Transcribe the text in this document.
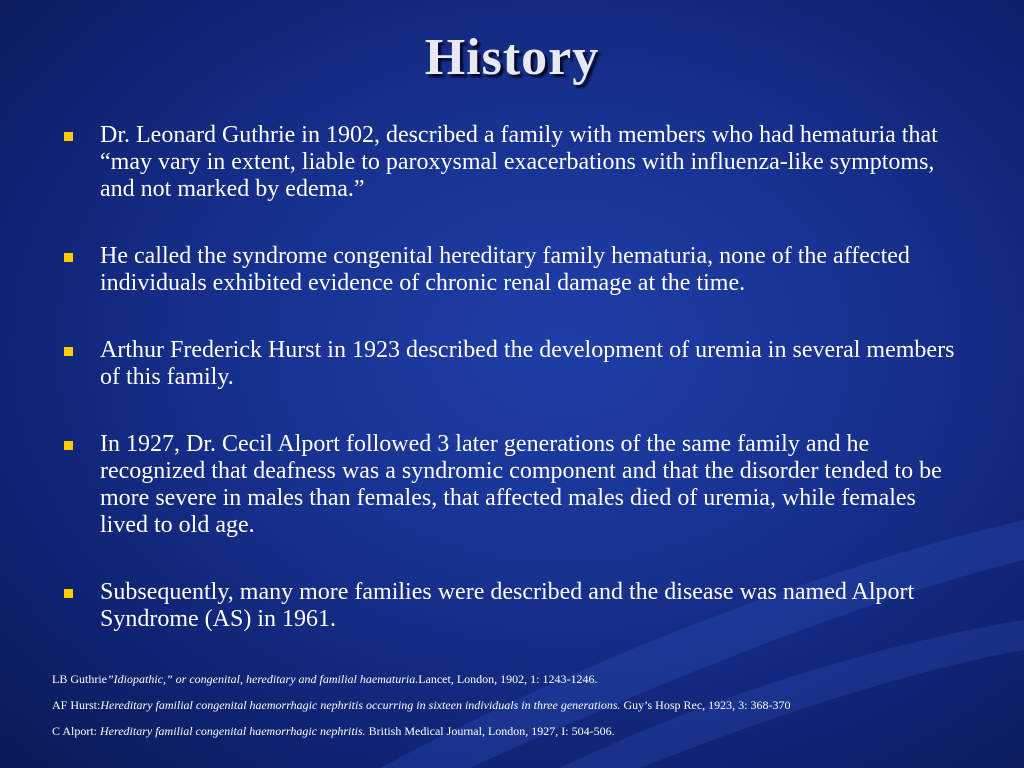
History
Dr. Leonard Guthrie in 1902, described a family with members who had hematuria that “may vary in extent, liable to paroxysmal exacerbations with influenza-like symptoms, and not marked by edema.”
He called the syndrome congenital hereditary family hematuria, none of the affected individuals exhibited evidence of chronic renal damage at the time.
Arthur Frederick Hurst in 1923 described the development of uremia in several members of this family.
In 1927, Dr. Cecil Alport followed 3 later generations of the same family and he recognized that deafness was a syndromic component and that the disorder tended to be more severe in males than females, that affected males died of uremia, while females lived to old age.
Subsequently, many more families were described and the disease was named Alport Syndrome (AS) in 1961.
LB Guthrie”Idiopathic,” or congenital, hereditary and familial haematuria.Lancet, London, 1902, 1: 1243-1246.
AF Hurst:Hereditary familial congenital haemorrhagic nephritis occurring in sixteen individuals in three generations. Guy’s Hosp Rec, 1923, 3: 368-370
C Alport: Hereditary familial congenital haemorrhagic nephritis. British Medical Journal, London, 1927, I: 504-506.
